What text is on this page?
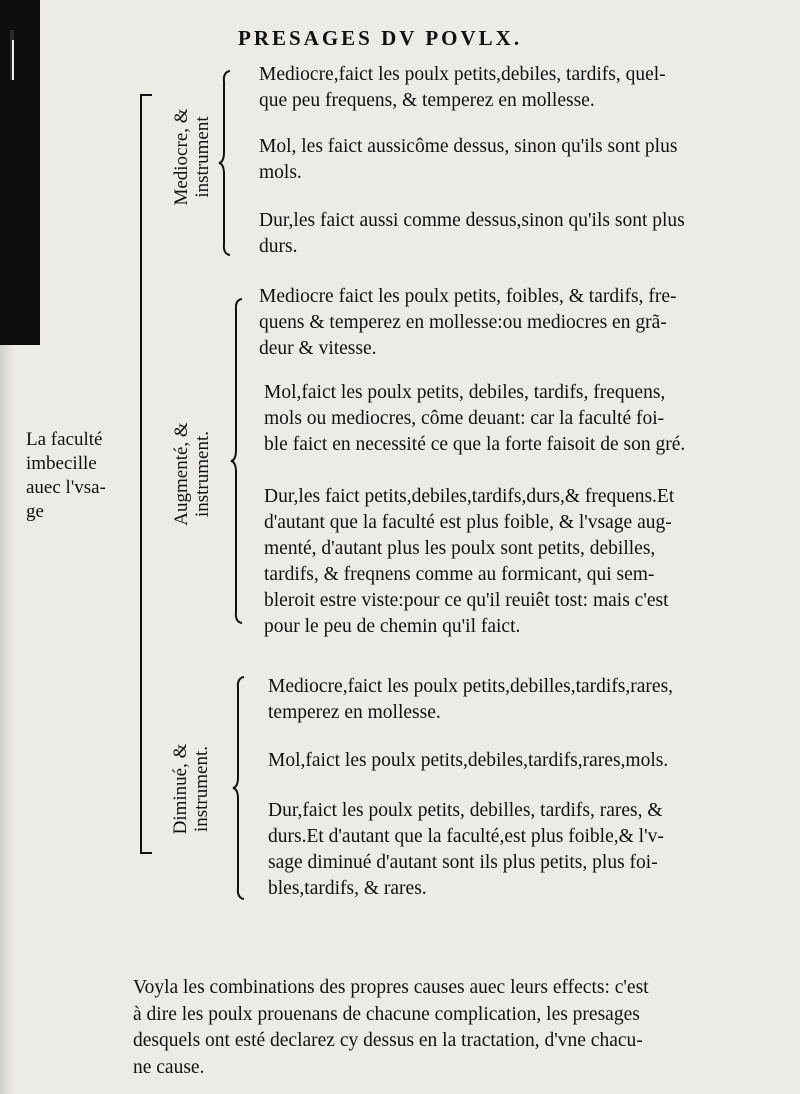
PRESAGES DV POVLX.
La faculté
imbecille
auec l'vsa-
ge
Mediocre, & instrument
Mediocre,faict les poulx petits,debiles, tardifs, quel-
que peu frequens, & temperez en mollesse.
Mol, les faict aussicôme dessus, sinon qu'ils sont plus
mols.
Dur,les faict aussi comme dessus,sinon qu'ils sont plus
durs.
Augmenté, & instrument.
Mediocre faict les poulx petits, foibles, & tardifs, fre-
quens & temperez en mollesse:ou mediocres en grã-
deur & vitesse.
Mol,faict les poulx petits, debiles, tardifs, frequens,
mols ou mediocres, côme deuant: car la faculté foi-
ble faict en necessité ce que la forte faisoit de son gré.
Dur,les faict petits,debiles,tardifs,durs,& frequens.Et
d'autant que la faculté est plus foible, & l'vsage aug-
menté, d'autant plus les poulx sont petits, debilles,
tardifs, & freqnens comme au formicant, qui sem-
bleroit estre viste:pour ce qu'il reuiêt tost: mais c'est
pour le peu de chemin qu'il faict.
Diminué, & instrument.
Mediocre,faict les poulx petits,debilles,tardifs,rares,
temperez en mollesse.
Mol,faict les poulx petits,debiles,tardifs,rares,mols.
Dur,faict les poulx petits, debilles, tardifs, rares, &
durs.Et d'autant que la faculté,est plus foible,& l'v-
sage diminué d'autant sont ils plus petits, plus foi-
bles,tardifs, & rares.
Voyla les combinations des propres causes auec leurs effects: c'est
à dire les poulx prouenans de chacune complication, les presages
desquels ont esté declarez cy dessus en la tractation, d'vne chacu-
ne cause.
